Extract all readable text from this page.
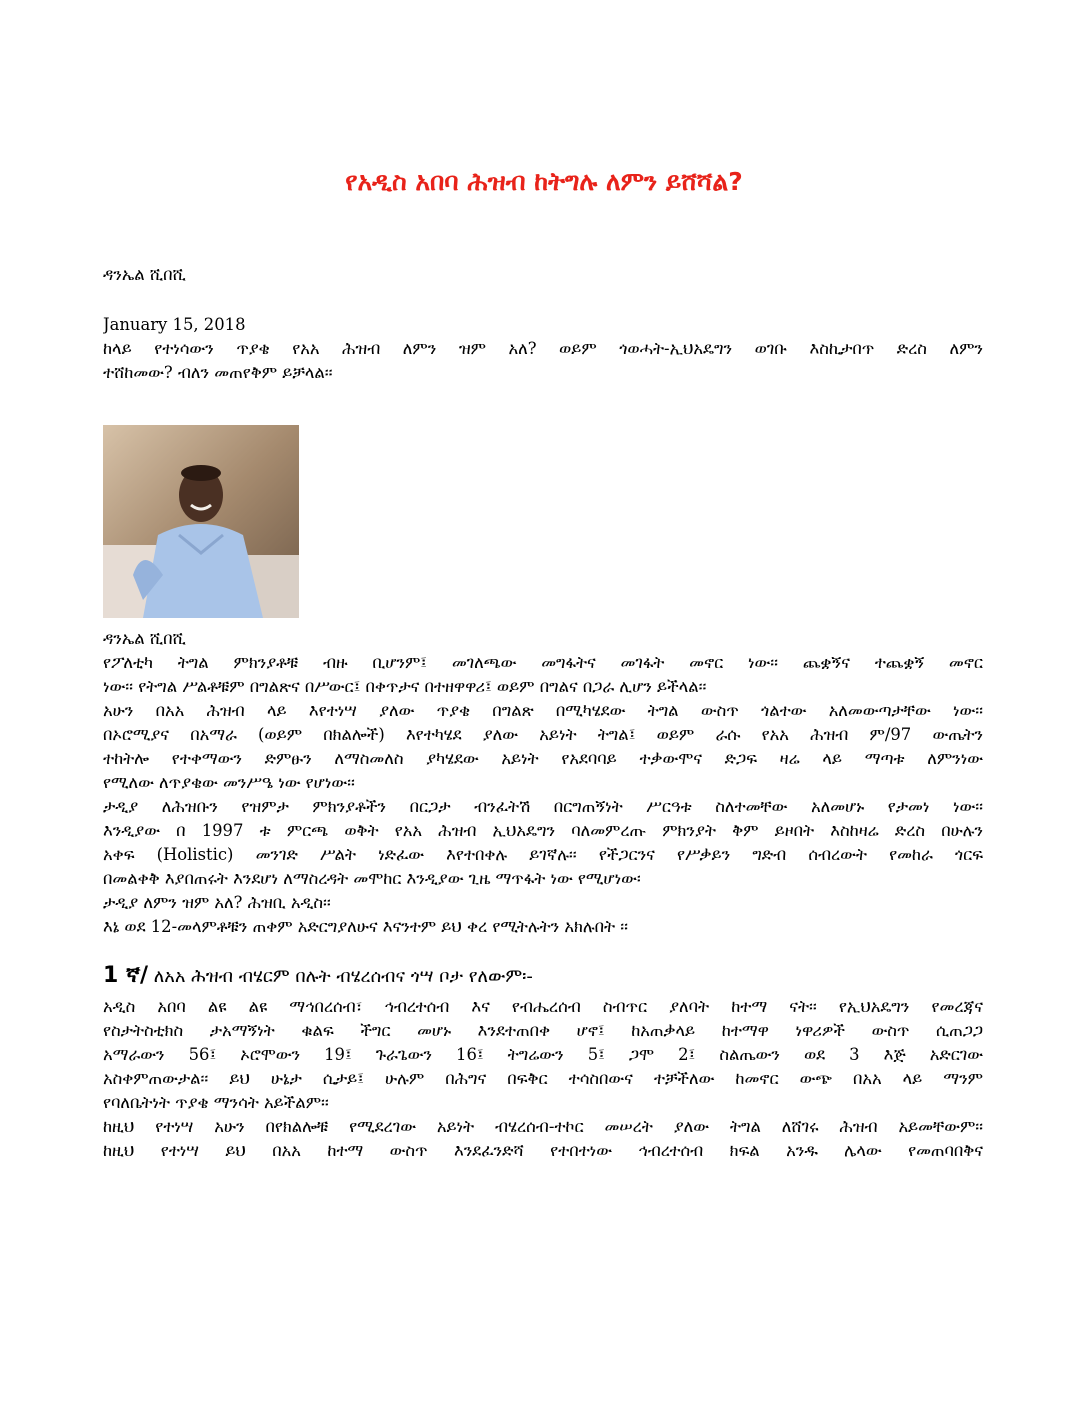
የአዲስ አበባ ሕዝብ ከትግሉ ለምን ይሸሻል?
ዳንኤል ሺበሺ
January 15, 2018
ከላይ የተነሳውን ጥያቄ የአአ ሕዝብ ለምን ዝም አለ? ወይም ጎወሓት-ኢህአዴግን ወገቡ እስኪታበጥ ድረስ ለምን
ተሸከመው? ብለን መጠየቅም ይቻላል፡፡
ዳንኤል ሺበሺ
የፖለቲካ ትግል ምክንያቶቹ ብዙ ቢሆንም፤ መገለጫው መግፋትና መገፋት መኖር ነው፡፡ ጨቋኝና ተጨቋኝ መኖር
ነው፡፡ የትግል ሥልቶቹም በግልጽና በሥውር፤ በቀጥታና በተዘዋዋሪ፤ ወይም በግልና በጋራ ሊሆን ይችላል፡፡
አሁን በአአ ሕዝብ ላይ እየተነሣ ያለው ጥያቄ በግልጽ በሚካሄደው ትግል ውስጥ ጎልተው አለመውጣታቸው ነው፡፡
በኦሮሚያና በአማራ (ወይም በክልሎች) እየተካሄደ ያለው አይነት ትግል፤ ወይም ራሱ የአአ ሕዝብ ም/97 ውጤትን
ተከትሎ የተቀማውን ድምፁን ለማስመለስ ያካሄደው አይነት የአደባባይ ተቃውሞና ድጋፍ ዛሬ ላይ ማጣቱ ለምንነው
የሚለው ለጥያቄው መንሥዔ ነው የሆነው፡፡
ታዲያ ለሕዝቡን የዝምታ ምክንያቶችን በርጋታ ብንፈትሽ በርግጠኝነት ሥርዓቱ ስለተመቸው አለመሆኑ የታመነ ነው፡፡
እንዲያው በ 1997 ቱ ምርጫ ወቅት የአአ ሕዝብ ኢህአዴግን ባለመምረጡ ምክንያት ቅም ይዞበት እስከዛሬ ድረስ በሁሉን
አቀፍ (Holistic) መንገድ ሥልት ነድፈው እየተበቀሉ ይገኛሉ፡፡ የችጋርንና የሥቃይን ግድብ ሰብረውት የመከራ ጎርፍ
በመልቀቅ እያበጠሩት እንደሆነ ለማስረዳት መሞከር እንዲያው ጊዜ ማጥፋት ነው የሚሆነው፡
ታዲያ ለምን ዝም አለ? ሕዝቢ አዲስ፡፡
እኔ ወደ 12-መላምቶቹን ጠቀም አድርግያለሁና እናንተም ይህ ቀረ የሚትሉትን አክሉበት ፡፡
1 ኛ/ ለአአ ሕዝብ ብሄርም በሉት ብሄረሰብና ጎሣ ቦታ የለውም፡-
አዲስ አበባ ልዩ ልዩ ማኅበረሰብ፣ ኅብረተሰብ እና የብሔረሰብ ስብጥር ያለባት ከተማ ናት፡፡ የኢህአዴግን የመረጃና
የስታትስቲክስ ታአማኝነት ቁልፍ ችግር መሆኑ እንደተጠበቀ ሆኖ፤ ከአጠቃላይ ከተማዋ ነዋሪዎች ውስጥ ሲጠጋጋ
አማራውን 56፤ ኦሮሞውን 19፤ ጉራጌውን 16፤ ትግሬውን 5፤ ጋሞ 2፤ ስልጤውን ወደ 3 እጅ አድርገው
አስቀምጠውታል፡፡ ይህ ሁኔታ ሲታይ፤ ሁሉም በሕግና በፍቅር ተሳስበውና ተቻችለው ከመኖር ውጭ በአአ ላይ ማንም
የባለቤትነት ጥያቄ ማንሳት አይችልም፡፡
ከዚህ የተነሣ አሁን በየክልሎቹ የሚደረገው አይነት ብሄረሰብ-ተኮር መሠረት ያለው ትግል ለሸገሩ ሕዝብ አይመቸውም፡፡
ከዚህ የተነሣ ይህ በአአ ከተማ ውስጥ እንደፈንድሻ የተበተነው ኅብረተሰብ ክፍል አንዱ ሌላው የመጠባበቅና
